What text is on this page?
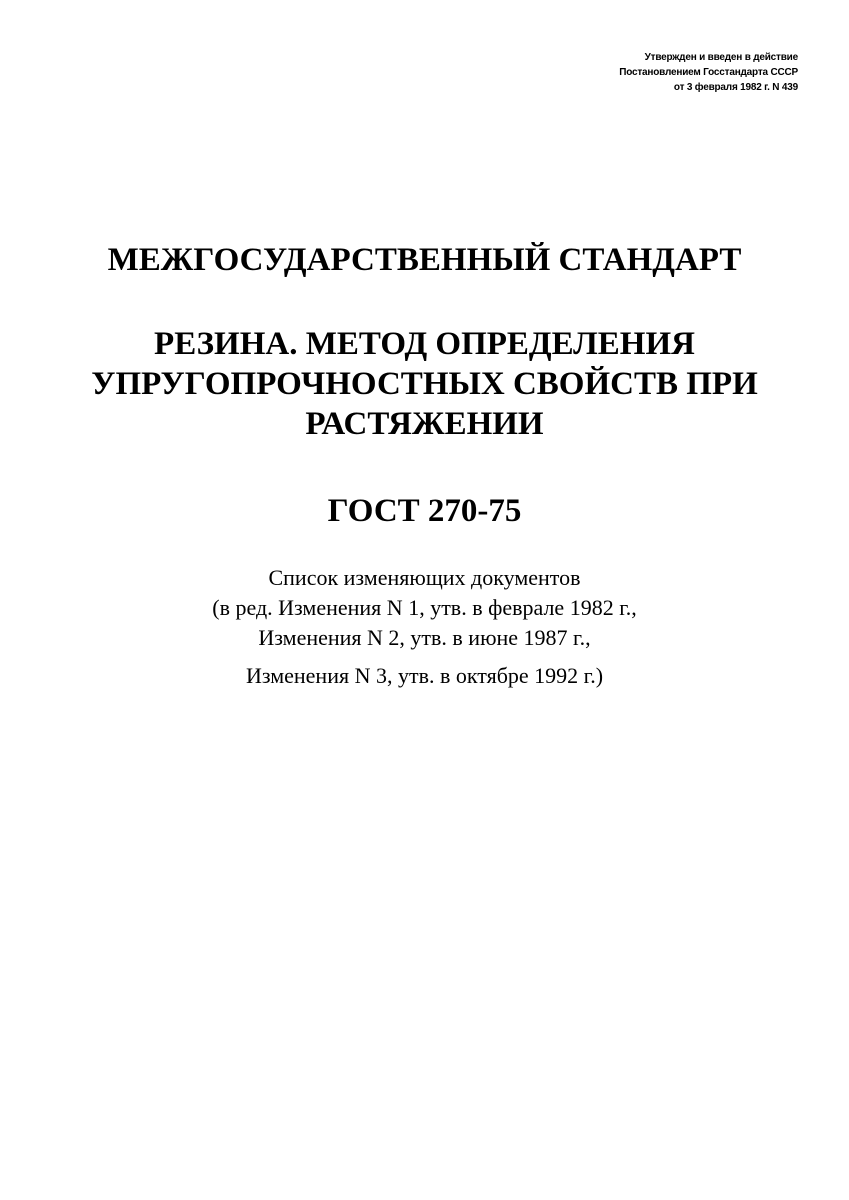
Утвержден и введен в действие
Постановлением Госстандарта СССР
от 3 февраля 1982 г. N 439
МЕЖГОСУДАРСТВЕННЫЙ СТАНДАРТ
РЕЗИНА. МЕТОД ОПРЕДЕЛЕНИЯ
УПРУГОПРОЧНОСТНЫХ СВОЙСТВ ПРИ
РАСТЯЖЕНИИ
ГОСТ 270-75
Список изменяющих документов
(в ред. Изменения N 1, утв. в феврале 1982 г.,
Изменения N 2, утв. в июне 1987 г.,
Изменения N 3, утв. в октябре 1992 г.)
